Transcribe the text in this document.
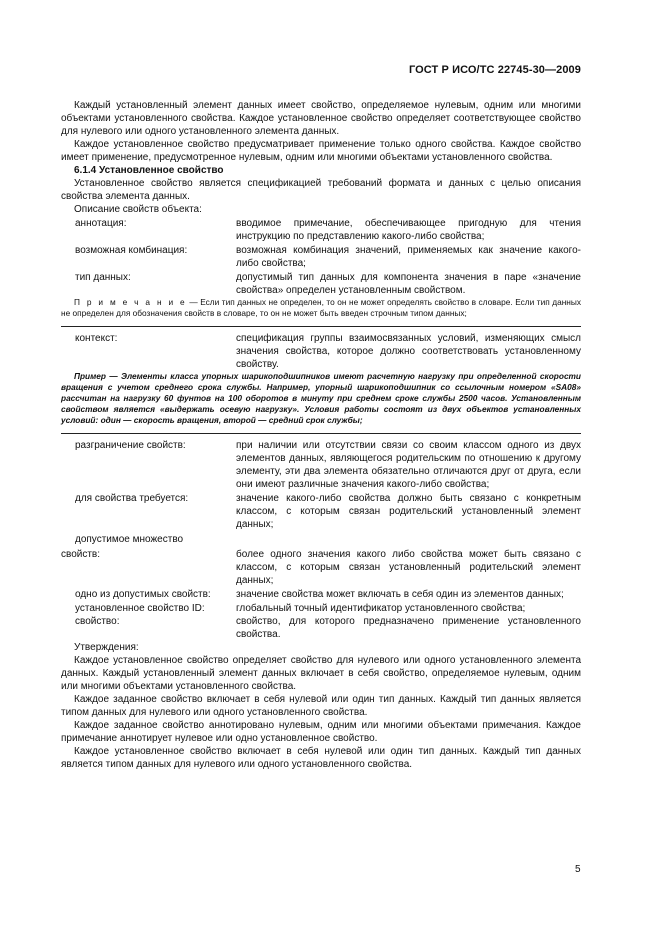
ГОСТ Р ИСО/ТС 22745-30—2009

Каждый установленный элемент данных имеет свойство, определяемое нулевым, одним или многими объектами установленного свойства. Каждое установленное свойство определяет соответствующее свойство для нулевого или одного установленного элемента данных.

Каждое установленное свойство предусматривает применение только одного свойства. Каждое свойство имеет применение, предусмотренное нулевым, одним или многими объектами установленного свойства.

6.1.4 Установленное свойство

Установленное свойство является спецификацией требований формата и данных с целью описания свойства элемента данных.

Описание свойств объекта:

аннотация:	вводимое примечание, обеспечивающее пригодную для чтения инструкцию по представлению какого-либо свойства;
возможная комбинация:	возможная комбинация значений, применяемых как значение какого-либо свойства;
тип данных:	допустимый тип данных для компонента значения в паре «значение свойства» определен установленным свойством.

П р и м е ч а н и е — Если тип данных не определен, то он не может определять свойство в словаре. Если тип данных не определен для обозначения свойств в словаре, то он не может быть введен строчным типом данных;

контекст:	спецификация группы взаимосвязанных условий, изменяющих смысл значения свойства, которое должно соответствовать установленному свойству.

Пример — Элементы класса упорных шарикоподшипников имеют расчетную нагрузку при определенной скорости вращения с учетом среднего срока службы. Например, упорный шарикоподшипник со ссылочным номером «SA08» рассчитан на нагрузку 60 фунтов на 100 оборотов в минуту при среднем сроке службы 2500 часов. Установленным свойством является «выдержать осевую нагрузку». Условия работы состоят из двух объектов установленных условий: один — скорость вращения, второй — средний срок службы;

разграничение свойств:	при наличии или отсутствии связи со своим классом одного из двух элементов данных, являющегося родительским по отношению к другому элементу, эти два элемента обязательно отличаются друг от друга, если они имеют различные значения какого-либо свойства;
для свойства требуется:	значение какого-либо свойства должно быть связано с конкретным классом, с которым связан родительский установленный элемент данных;
допустимое множество
свойств:	более одного значения какого либо свойства может быть связано с классом, с которым связан установленный родительский элемент данных;
одно из допустимых свойств:	значение свойства может включать в себя один из элементов данных;
установленное свойство ID:	глобальный точный идентификатор установленного свойства;
свойство:	свойство, для которого предназначено применение установленного свойства.

Утверждения:

Каждое установленное свойство определяет свойство для нулевого или одного установленного элемента данных. Каждый установленный элемент данных включает в себя свойство, определяемое нулевым, одним или многими объектами установленного свойства.

Каждое заданное свойство включает в себя нулевой или один тип данных. Каждый тип данных является типом данных для нулевого или одного установленного свойства.

Каждое заданное свойство аннотировано нулевым, одним или многими объектами примечания. Каждое примечание аннотирует нулевое или одно установленное свойство.

Каждое установленное свойство включает в себя нулевой или один тип данных. Каждый тип данных является типом данных для нулевого или одного установленного свойства.

5
